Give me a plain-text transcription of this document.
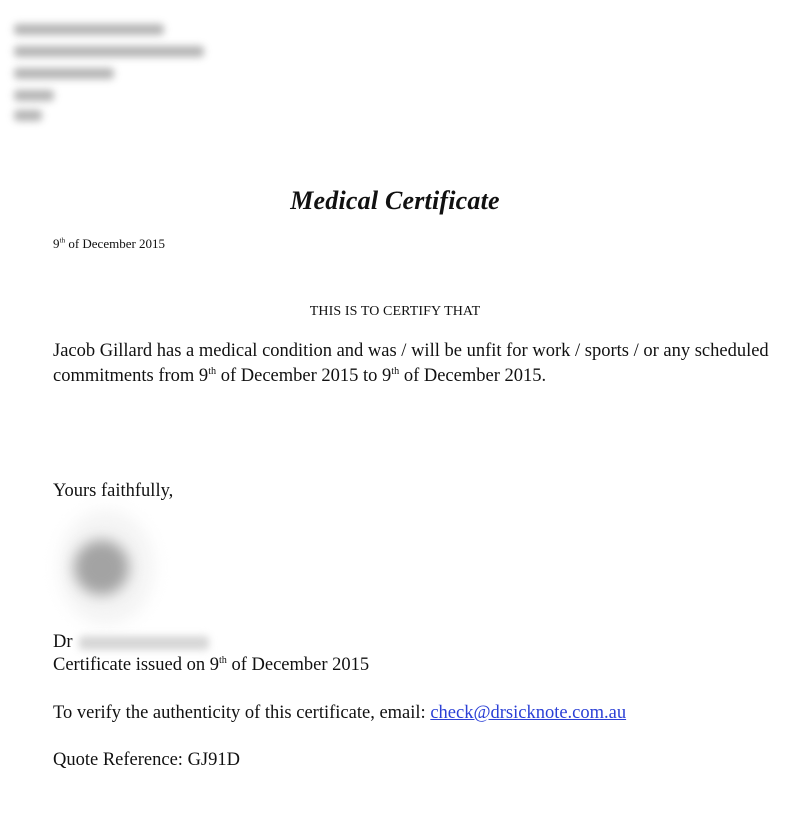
Medical Certificate
9th of December 2015
THIS IS TO CERTIFY THAT
Jacob Gillard has a medical condition and was / will be unfit for work / sports / or any scheduled commitments from 9th of December 2015 to 9th of December 2015.
Yours faithfully,
Dr
Certificate issued on 9th of December 2015
To verify the authenticity of this certificate, email: check@drsicknote.com.au
Quote Reference: GJ91D
